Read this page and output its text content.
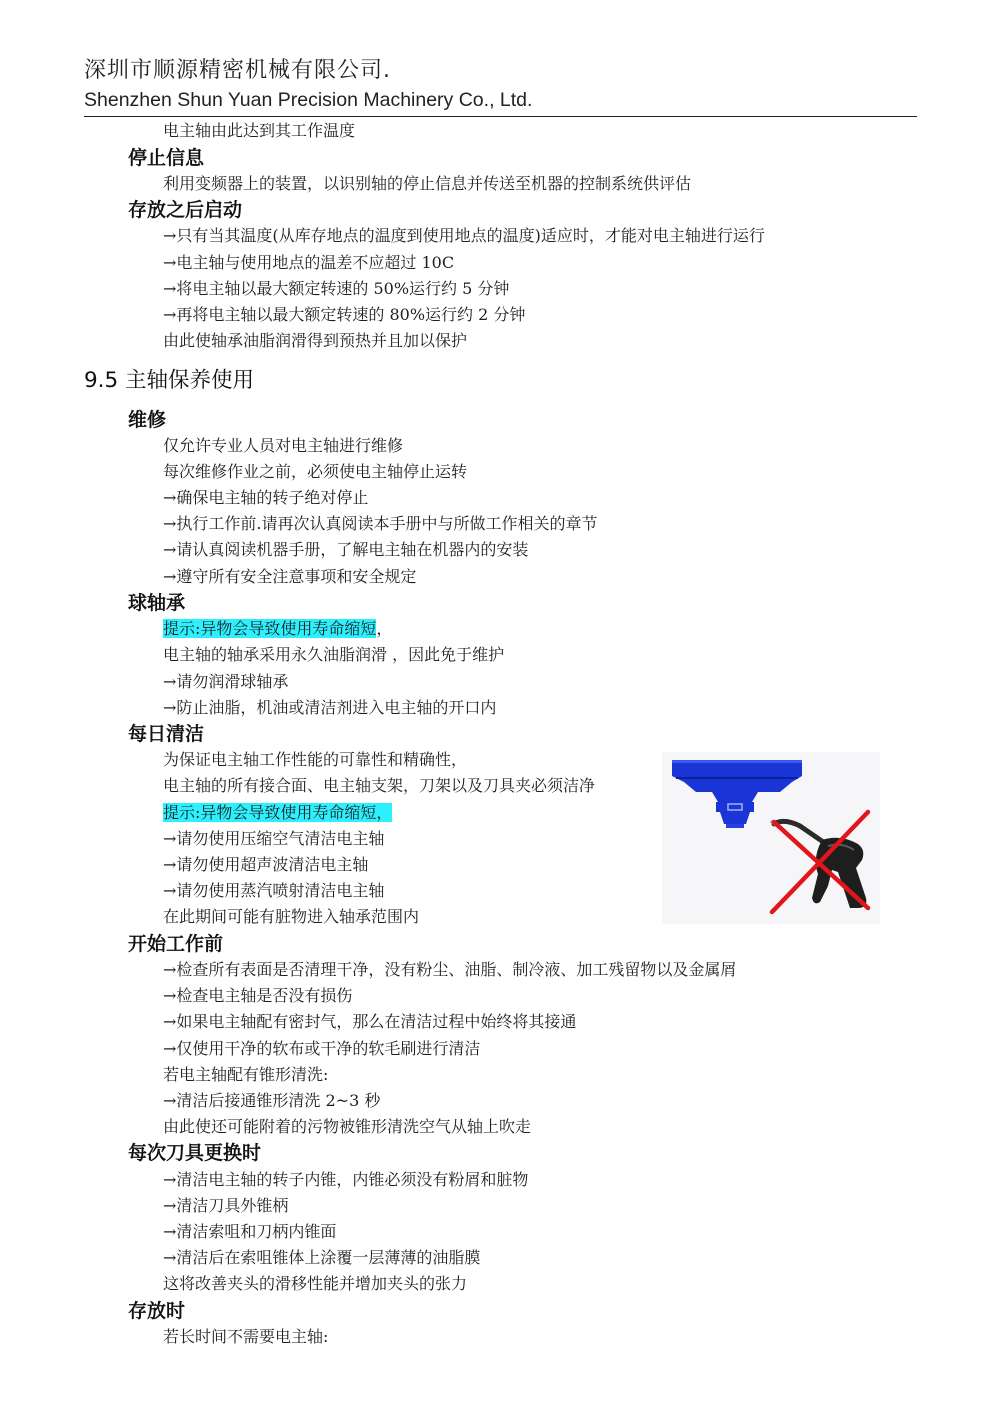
深圳市顺源精密机械有限公司.
Shenzhen Shun Yuan Precision Machinery Co., Ltd.
电主轴由此达到其工作温度
停止信息
利用变频器上的装置，以识别轴的停止信息并传送至机器的控制系统供评估
存放之后启动
→只有当其温度(从库存地点的温度到使用地点的温度)适应时，才能对电主轴进行运行
→电主轴与使用地点的温差不应超过 10C
→将电主轴以最大额定转速的 50%运行约 5 分钟
→再将电主轴以最大额定转速的 80%运行约 2 分钟
由此使轴承油脂润滑得到预热并且加以保护
9.5 主轴保养使用
维修
仅允许专业人员对电主轴进行维修
每次维修作业之前，必须使电主轴停止运转
→确保电主轴的转子绝对停止
→执行工作前.请再次认真阅读本手册中与所做工作相关的章节
→请认真阅读机器手册，了解电主轴在机器内的安装
→遵守所有安全注意事项和安全规定
球轴承
提示:异物会导致使用寿命缩短，
电主轴的轴承采用永久油脂润滑 ，因此免于维护
→请勿润滑球轴承
→防止油脂，机油或清洁剂进入电主轴的开口内
每日清洁
为保证电主轴工作性能的可靠性和精确性，
电主轴的所有接合面、电主轴支架，刀架以及刀具夹必须洁净
提示:异物会导致使用寿命缩短，
→请勿使用压缩空气清洁电主轴
→请勿使用超声波清洁电主轴
→请勿使用蒸汽喷射清洁电主轴
在此期间可能有脏物进入轴承范围内
开始工作前
→检查所有表面是否清理干净，没有粉尘、油脂、制冷液、加工残留物以及金属屑
→检查电主轴是否没有损伤
→如果电主轴配有密封气，那么在清洁过程中始终将其接通
→仅使用干净的软布或干净的软毛刷进行清洁
若电主轴配有锥形清洗:
→清洁后接通锥形清洗 2~3 秒
由此使还可能附着的污物被锥形清洗空气从轴上吹走
每次刀具更换时
→清洁电主轴的转子内锥，内锥必须没有粉屑和脏物
→清洁刀具外锥柄
→清洁索咀和刀柄内锥面
→清洁后在索咀锥体上涂覆一层薄薄的油脂膜
这将改善夹头的滑移性能并增加夹头的张力
存放时
若长时间不需要电主轴:
